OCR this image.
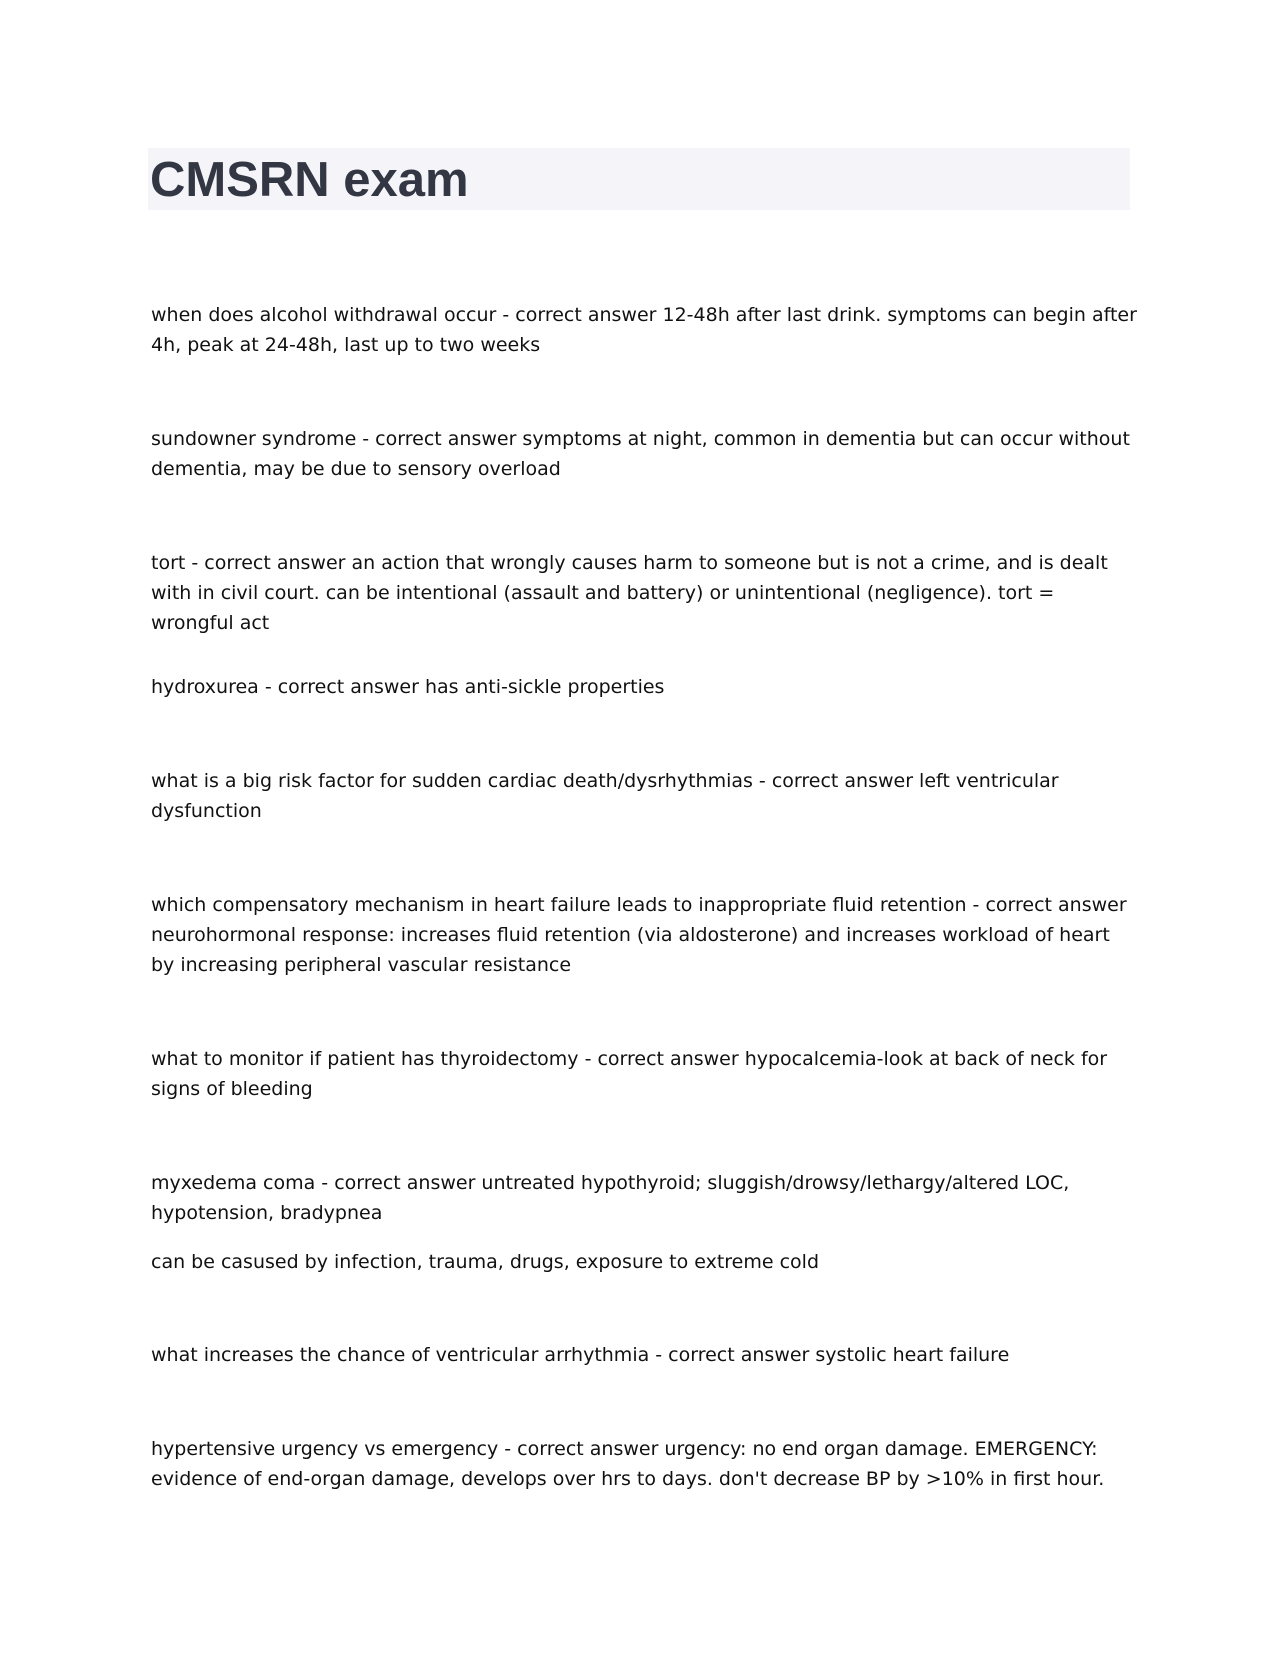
CMSRN exam

when does alcohol withdrawal occur - correct answer 12-48h after last drink. symptoms can begin after 4h, peak at 24-48h, last up to two weeks

sundowner syndrome - correct answer symptoms at night, common in dementia but can occur without dementia, may be due to sensory overload

tort - correct answer an action that wrongly causes harm to someone but is not a crime, and is dealt with in civil court. can be intentional (assault and battery) or unintentional (negligence). tort = wrongful act

hydroxurea - correct answer has anti-sickle properties

what is a big risk factor for sudden cardiac death/dysrhythmias - correct answer left ventricular dysfunction

which compensatory mechanism in heart failure leads to inappropriate fluid retention - correct answer neurohormonal response: increases fluid retention (via aldosterone) and increases workload of heart by increasing peripheral vascular resistance

what to monitor if patient has thyroidectomy - correct answer hypocalcemia-look at back of neck for signs of bleeding

myxedema coma - correct answer untreated hypothyroid; sluggish/drowsy/lethargy/altered LOC, hypotension, bradypnea

can be casused by infection, trauma, drugs, exposure to extreme cold

what increases the chance of ventricular arrhythmia - correct answer systolic heart failure

hypertensive urgency vs emergency - correct answer urgency: no end organ damage. EMERGENCY: evidence of end-organ damage, develops over hrs to days. don't decrease BP by >10% in first hour.
